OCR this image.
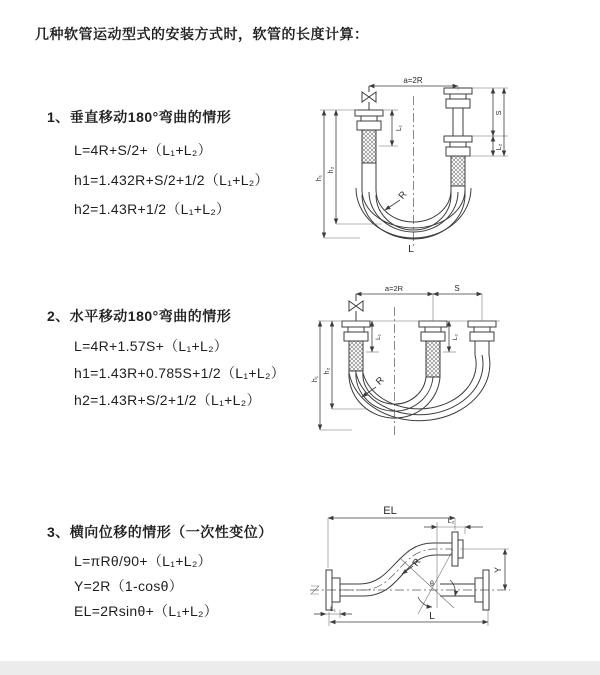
几种软管运动型式的安装方式时，软管的长度计算：
1、垂直移动180°弯曲的情形
L=4R+S/2+（L₁+L₂）
h1=1.432R+S/2+1/2（L₁+L₂）
h2=1.43R+1/2（L₁+L₂）
2、水平移动180°弯曲的情形
L=4R+1.57S+（L₁+L₂）
h1=1.43R+0.785S+1/2（L₁+L₂）
h2=1.43R+S/2+1/2（L₁+L₂）
3、横向位移的情形（一次性变位）
L=πRθ/90+（L₁+L₂）
Y=2R（1-cosθ）
EL=2Rsinθ+（L₁+L₂）
a=2R
L₁
S
L₂
h₁
h₂
R
L
a=2R	S
h₁
h₂
L₁	L₂
R
EL
L₂
Y
R
θ
L
L₁
